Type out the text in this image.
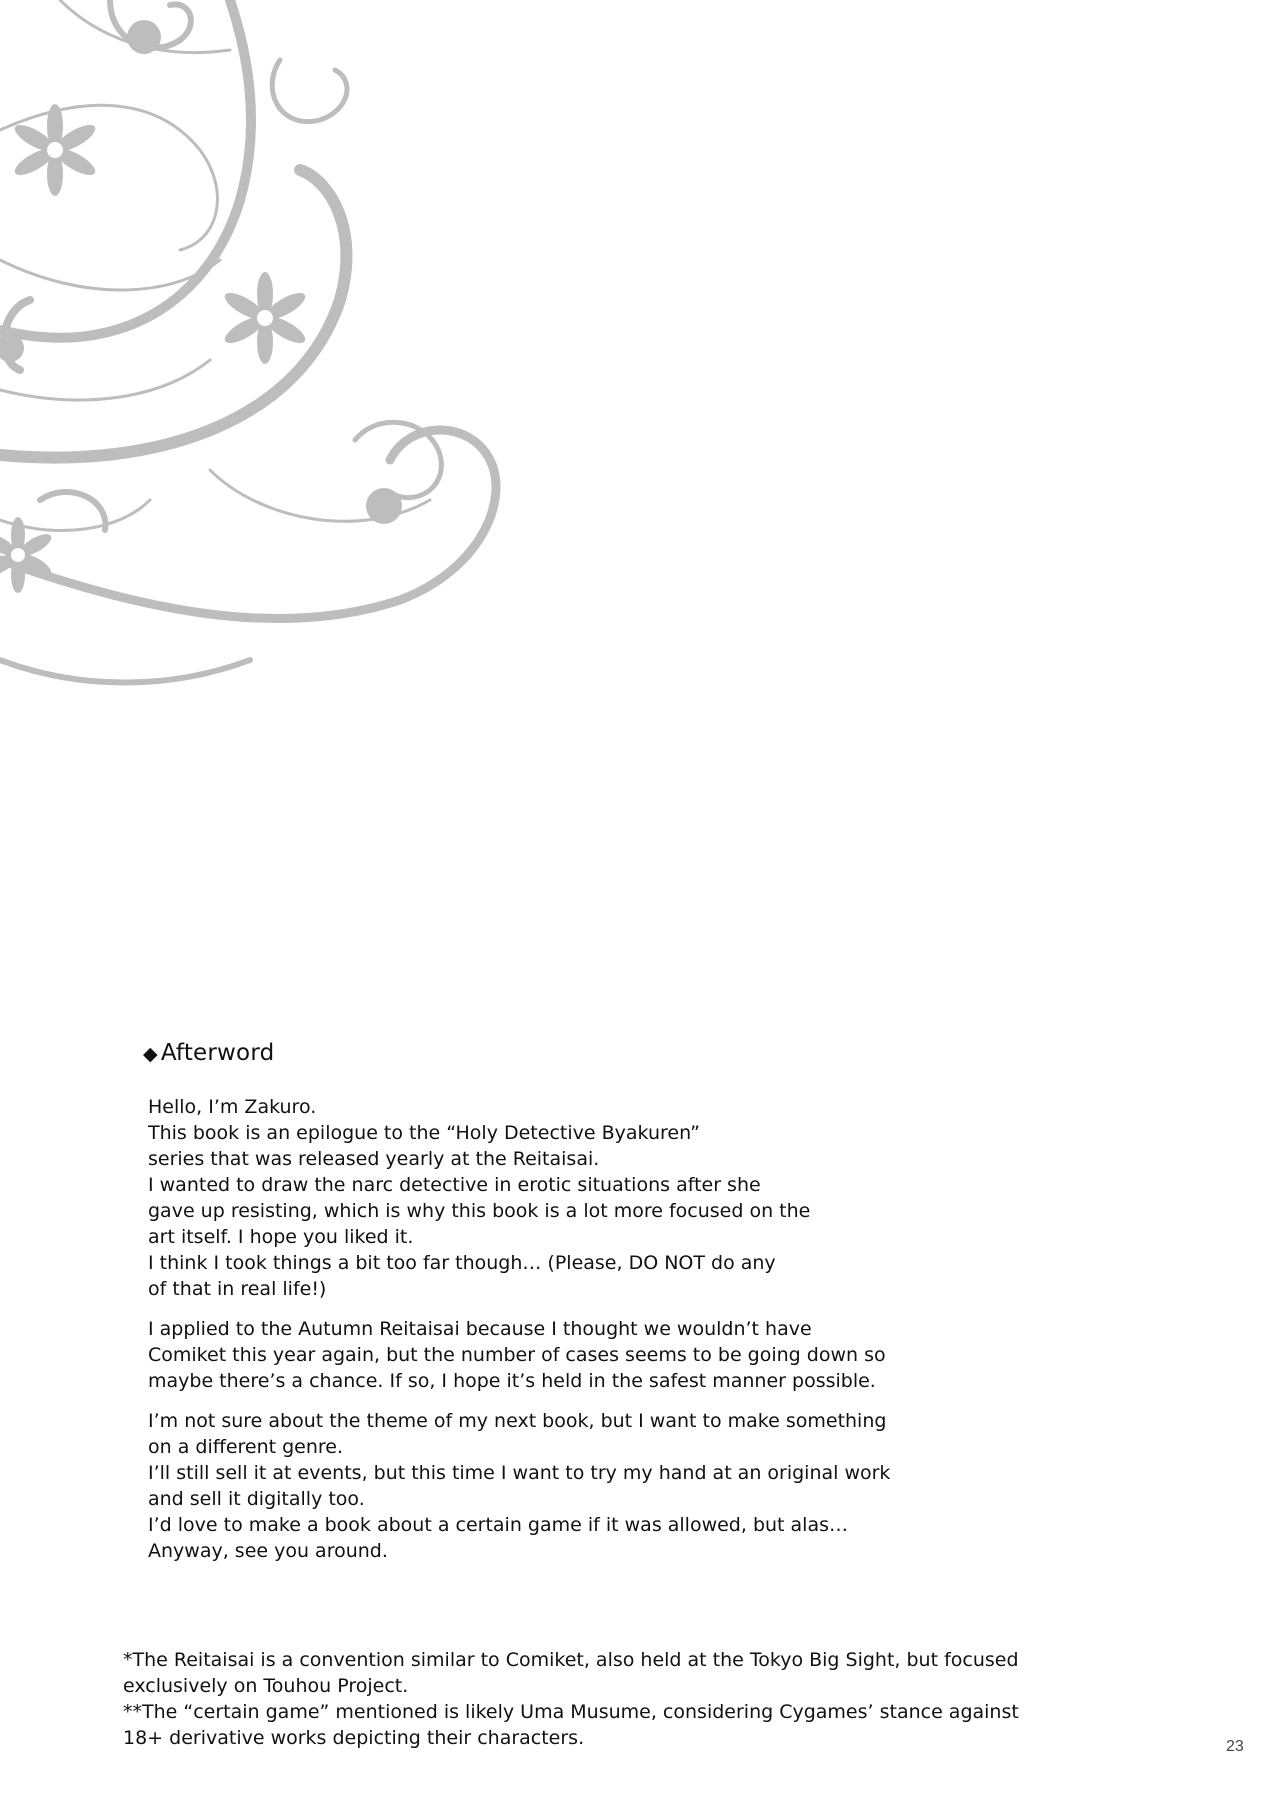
◆ Afterword
Hello, I’m Zakuro.
This book is an epilogue to the “Holy Detective Byakuren”
series that was released yearly at the Reitaisai.
I wanted to draw the narc detective in erotic situations after she
gave up resisting, which is why this book is a lot more focused on the
art itself. I hope you liked it.
I think I took things a bit too far though… (Please, DO NOT do any
of that in real life!)
I applied to the Autumn Reitaisai because I thought we wouldn’t have
Comiket this year again, but the number of cases seems to be going down so
maybe there’s a chance. If so, I hope it’s held in the safest manner possible.
I’m not sure about the theme of my next book, but I want to make something
on a different genre.
I’ll still sell it at events, but this time I want to try my hand at an original work
and sell it digitally too.
I’d love to make a book about a certain game if it was allowed, but alas…
Anyway, see you around.
*The Reitaisai is a convention similar to Comiket, also held at the Tokyo Big Sight, but focused
exclusively on Touhou Project.
**The “certain game” mentioned is likely Uma Musume, considering Cygames’ stance against
18+ derivative works depicting their characters.	23
